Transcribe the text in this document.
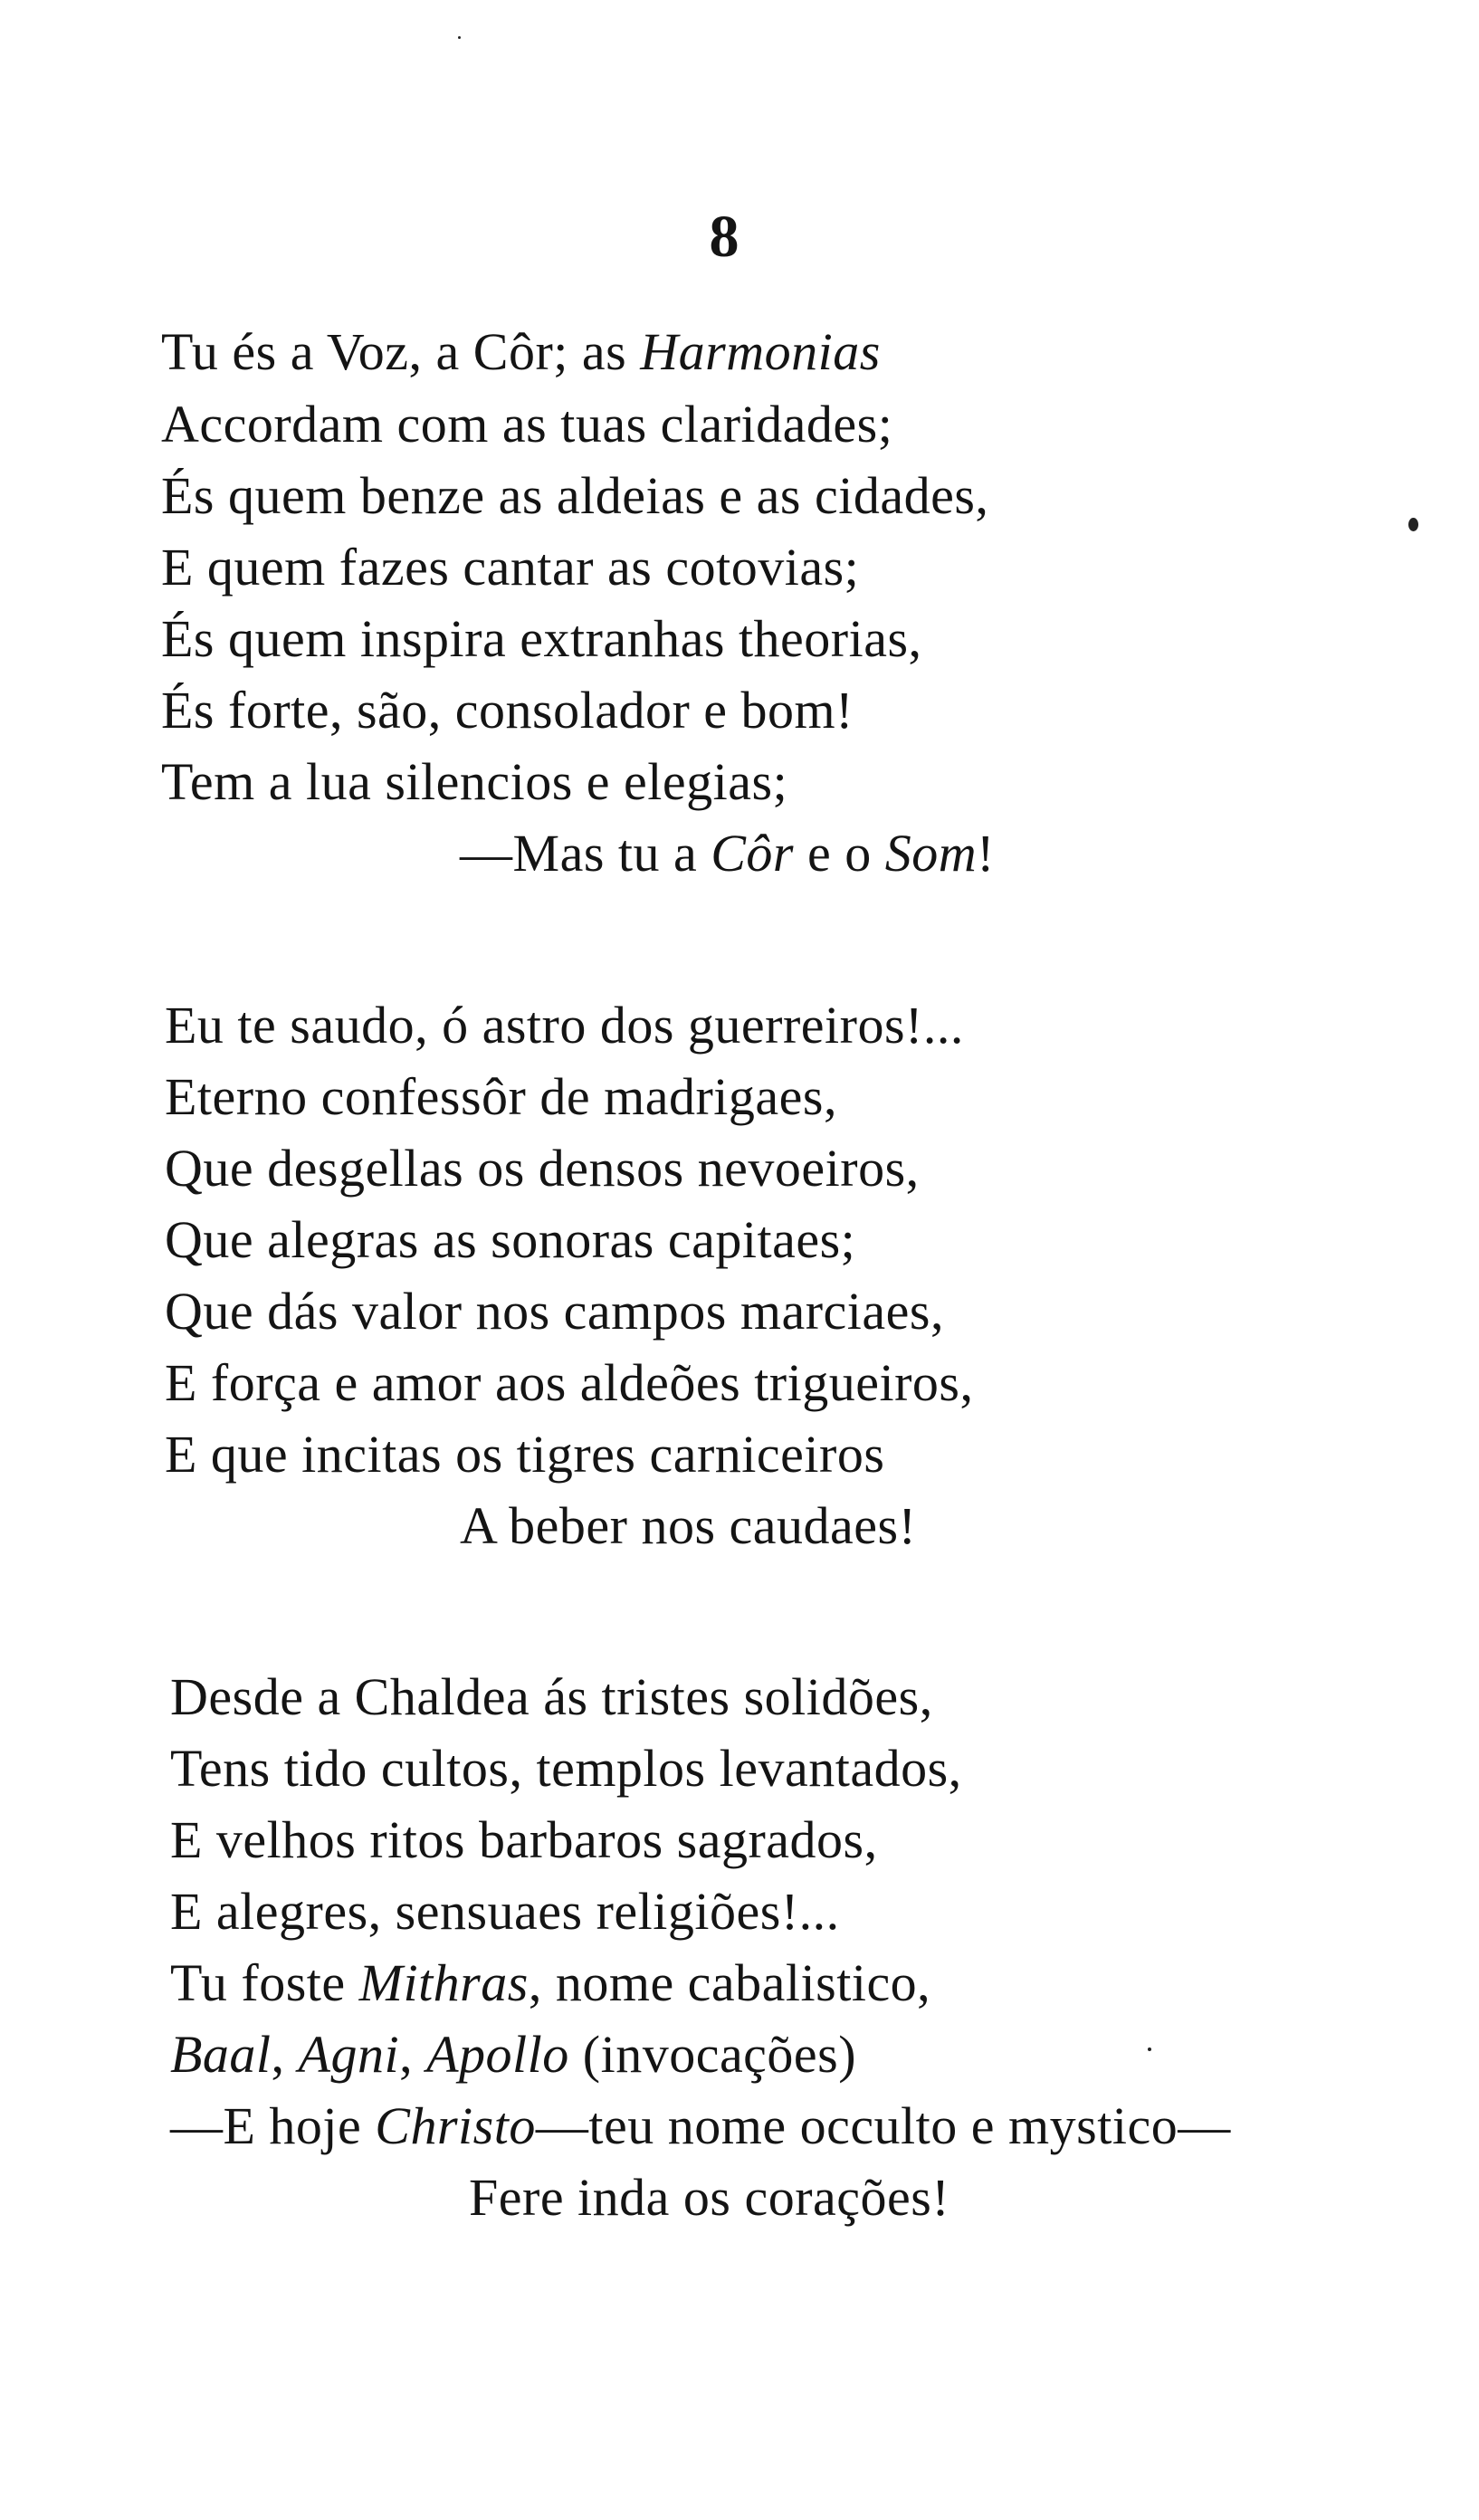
8
Tu és a Voz, a Côr; as Harmonias
Accordam com as tuas claridades;
És quem benze as aldeias e as cidades,
E quem fazes cantar as cotovias;
És quem inspira extranhas theorias,
És forte, são, consolador e bom!
Tem a lua silencios e elegias;
—Mas tu a Côr e o Som!
Eu te saudo, ó astro dos guerreiros!...
Eterno confessôr de madrigaes,
Que desgellas os densos nevoeiros,
Que alegras as sonoras capitaes;
Que dás valor nos campos marciaes,
E força e amor aos aldeões trigueiros,
E que incitas os tigres carniceiros
A beber nos caudaes!
Desde a Chaldea ás tristes solidões,
Tens tido cultos, templos levantados,
E velhos ritos barbaros sagrados,
E alegres, sensuaes religiões!...
Tu foste Mithras, nome cabalistico,
Baal, Agni, Apollo (invocações)
—E hoje Christo—teu nome occulto e mystico—
Fere inda os corações!
